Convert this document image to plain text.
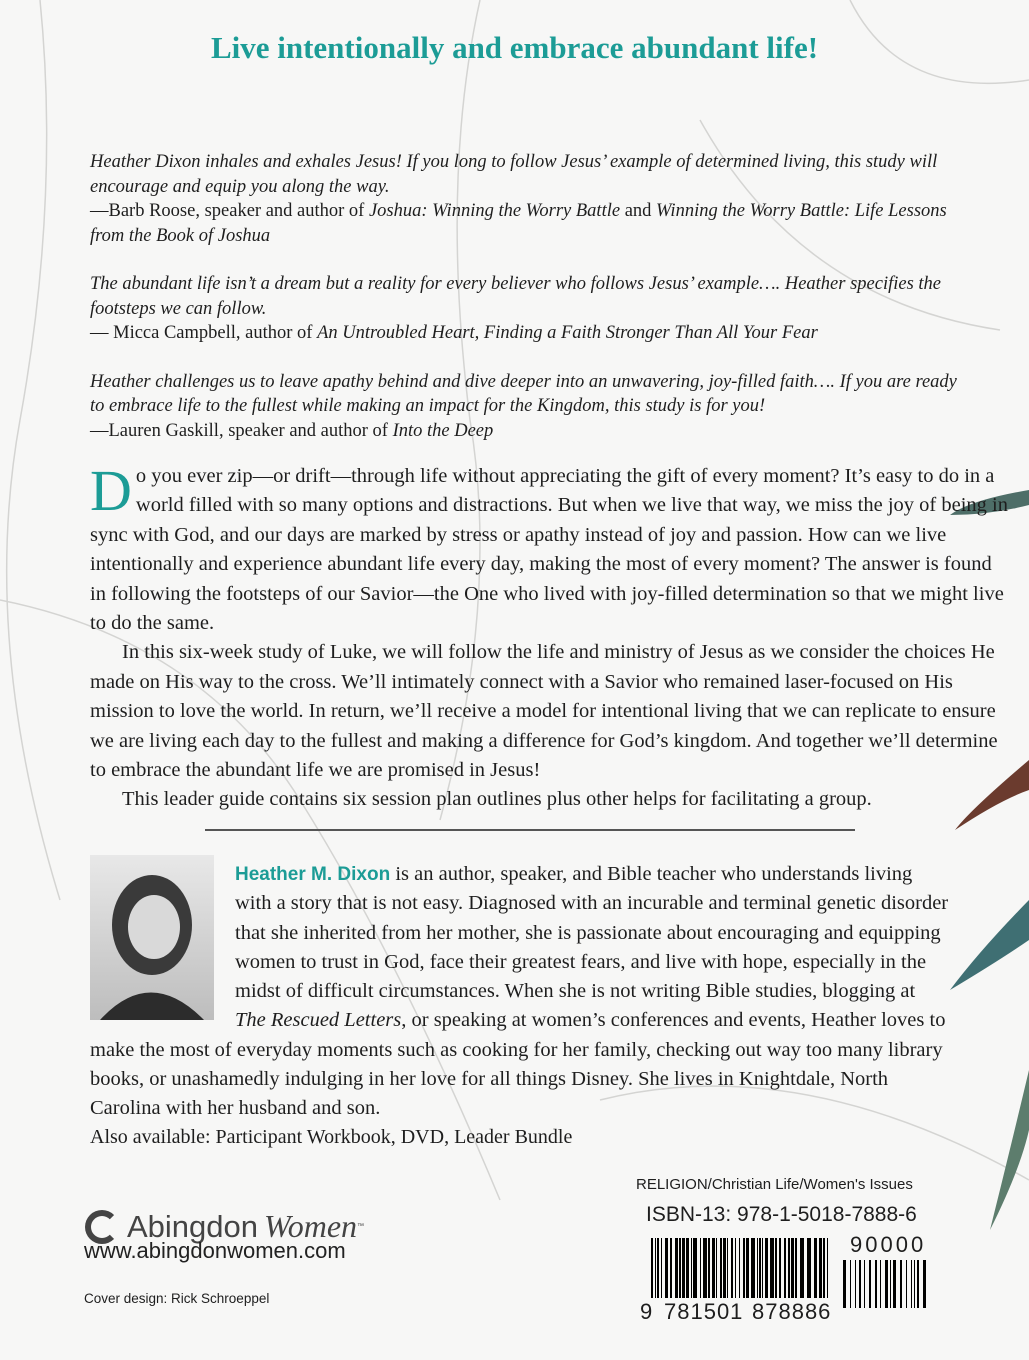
Live intentionally and embrace abundant life!
Heather Dixon inhales and exhales Jesus! If you long to follow Jesus’ example of determined living, this study will encourage and equip you along the way.
—Barb Roose, speaker and author of Joshua: Winning the Worry Battle and Winning the Worry Battle: Life Lessons from the Book of Joshua
The abundant life isn’t a dream but a reality for every believer who follows Jesus’ example…. Heather specifies the footsteps we can follow.
— Micca Campbell, author of An Untroubled Heart, Finding a Faith Stronger Than All Your Fear
Heather challenges us to leave apathy behind and dive deeper into an unwavering, joy-filled faith…. If you are ready to embrace life to the fullest while making an impact for the Kingdom, this study is for you!
—Lauren Gaskill, speaker and author of Into the Deep

Do you ever zip—or drift—through life without appreciating the gift of every moment? It’s easy to do in a world filled with so many options and distractions. But when we live that way, we miss the joy of being in sync with God, and our days are marked by stress or apathy instead of joy and passion. How can we live intentionally and experience abundant life every day, making the most of every moment? The answer is found in following the footsteps of our Savior—the One who lived with joy-filled determination so that we might live to do the same.

In this six-week study of Luke, we will follow the life and ministry of Jesus as we consider the choices He made on His way to the cross. We’ll intimately connect with a Savior who remained laser-focused on His mission to love the world. In return, we’ll receive a model for intentional living that we can replicate to ensure we are living each day to the fullest and making a difference for God’s kingdom. And together we’ll determine to embrace the abundant life we are promised in Jesus!

This leader guide contains six session plan outlines plus other helps for facilitating a group.

Heather M. Dixon is an author, speaker, and Bible teacher who understands living with a story that is not easy. Diagnosed with an incurable and terminal genetic disorder that she inherited from her mother, she is passionate about encouraging and equipping women to trust in God, face their greatest fears, and live with hope, especially in the midst of difficult circumstances. When she is not writing Bible studies, blogging at The Rescued Letters, or speaking at women’s conferences and events, Heather loves to make the most of everyday moments such as cooking for her family, checking out way too many library books, or unashamedly indulging in her love for all things Disney. She lives in Knightdale, North Carolina with her husband and son.
Also available: Participant Workbook, DVD, Leader Bundle
Abingdon Women ™
www.abingdonwomen.com
Cover design: Rick Schroeppel
RELIGION/Christian Life/Women's Issues
ISBN-13: 978-1-5018-7888-6
9 781501 878886
90000
